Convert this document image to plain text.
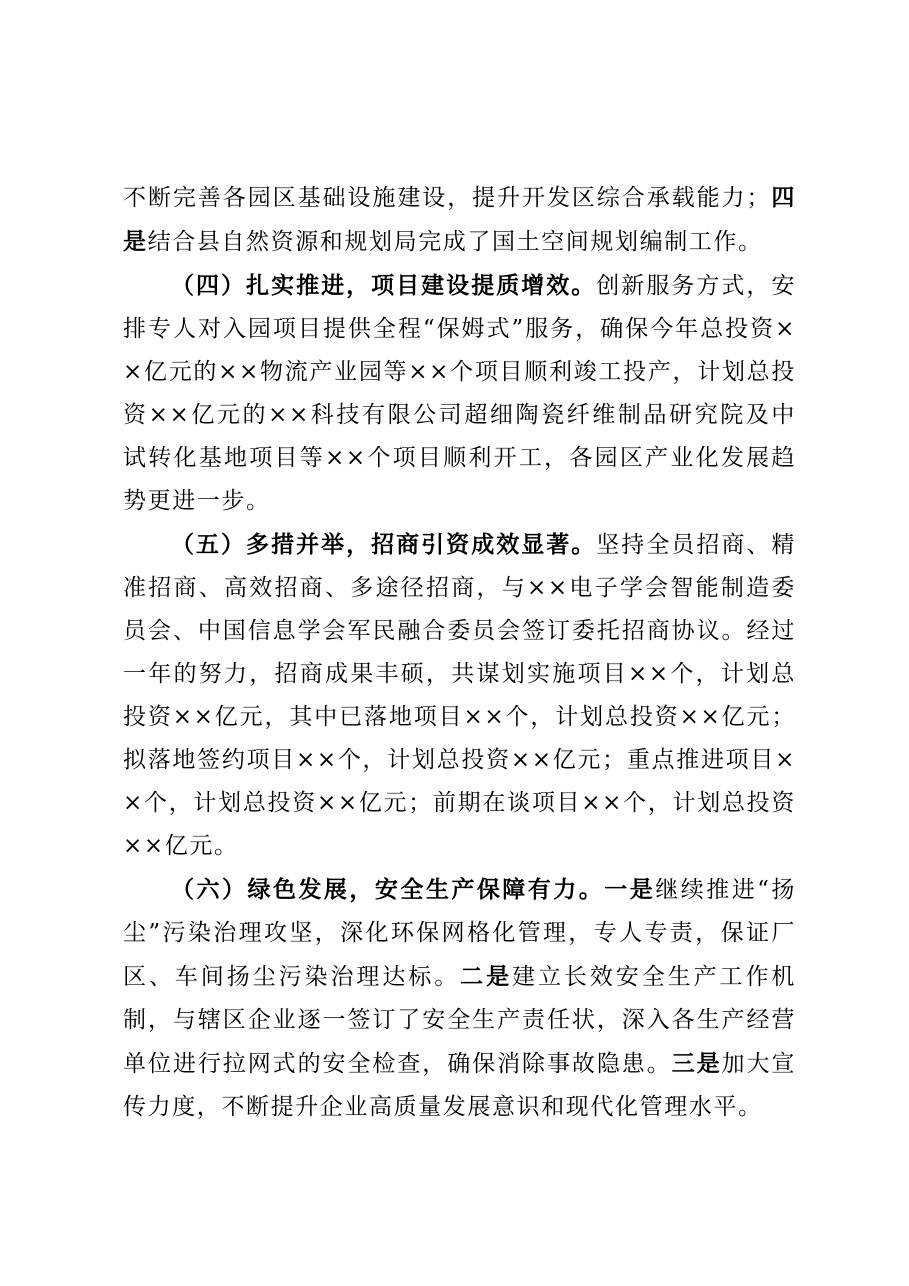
不断完善各园区基础设施建设，提升开发区综合承载能力；四是结合县自然资源和规划局完成了国土空间规划编制工作。

（四）扎实推进，项目建设提质增效。创新服务方式，安排专人对入园项目提供全程“保姆式”服务，确保今年总投资××亿元的××物流产业园等××个项目顺利竣工投产，计划总投资××亿元的××科技有限公司超细陶瓷纤维制品研究院及中试转化基地项目等××个项目顺利开工，各园区产业化发展趋势更进一步。

（五）多措并举，招商引资成效显著。坚持全员招商、精准招商、高效招商、多途径招商，与××电子学会智能制造委员会、中国信息学会军民融合委员会签订委托招商协议。经过一年的努力，招商成果丰硕，共谋划实施项目××个，计划总投资××亿元，其中已落地项目××个，计划总投资××亿元；拟落地签约项目××个，计划总投资××亿元；重点推进项目××个，计划总投资××亿元；前期在谈项目××个，计划总投资××亿元。

（六）绿色发展，安全生产保障有力。一是继续推进“扬尘”污染治理攻坚，深化环保网格化管理，专人专责，保证厂区、车间扬尘污染治理达标。二是建立长效安全生产工作机制，与辖区企业逐一签订了安全生产责任状，深入各生产经营单位进行拉网式的安全检查，确保消除事故隐患。三是加大宣传力度，不断提升企业高质量发展意识和现代化管理水平。
